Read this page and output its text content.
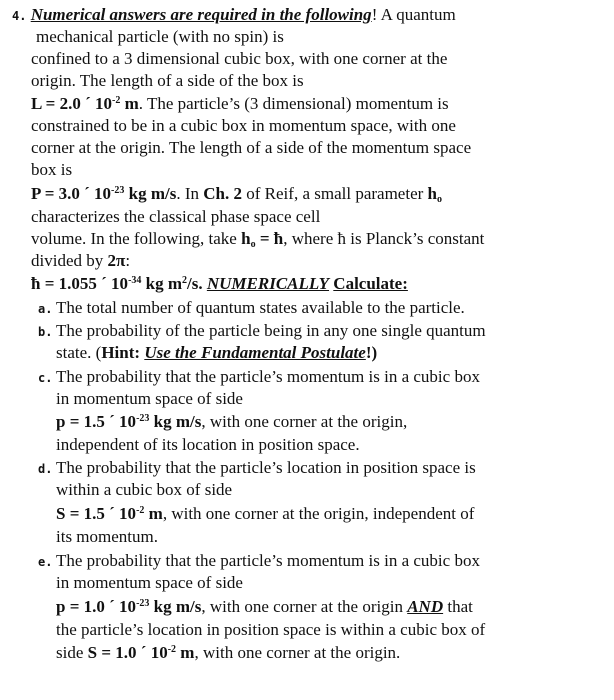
4. Numerical answers are required in the following! A quantum
mechanical particle (with no spin) is
confined to a 3 dimensional cubic box, with one corner at the
origin. The length of a side of the box is
L = 2.0 ´ $10^{-2}$ m. The particle’s (3 dimensional) momentum is
constrained to be in a cubic box in momentum space, with one
corner at the origin. The length of a side of the momentum space
box is
P = 3.0 ´ $10^{-23}$ kg m/s. In Ch. 2 of Reif, a small parameter $h_o$
characterizes the classical phase space cell
volume. In the following, take $h_o$ = ħ, where ħ is Planck’s constant
divided by 2π:
ħ = 1.055 ´ $10^{-34}$ kg $m^2/s$. NUMERICALLY Calculate:
a. The total number of quantum states available to the particle.
b. The probability of the particle being in any one single quantum
state. (Hint: Use the Fundamental Postulate!)
c. The probability that the particle’s momentum is in a cubic box
in momentum space of side
p = 1.5 ´ $10^{-23}$ kg m/s, with one corner at the origin,
independent of its location in position space.
d. The probability that the particle’s location in position space is
within a cubic box of side
S = 1.5 ´ $10^{-2}$ m, with one corner at the origin, independent of
its momentum.
e. The probability that the particle’s momentum is in a cubic box
in momentum space of side
p = 1.0 ´ $10^{-23}$ kg m/s, with one corner at the origin AND that
the particle’s location in position space is within a cubic box of
side S = 1.0 ´ $10^{-2}$ m, with one corner at the origin.
